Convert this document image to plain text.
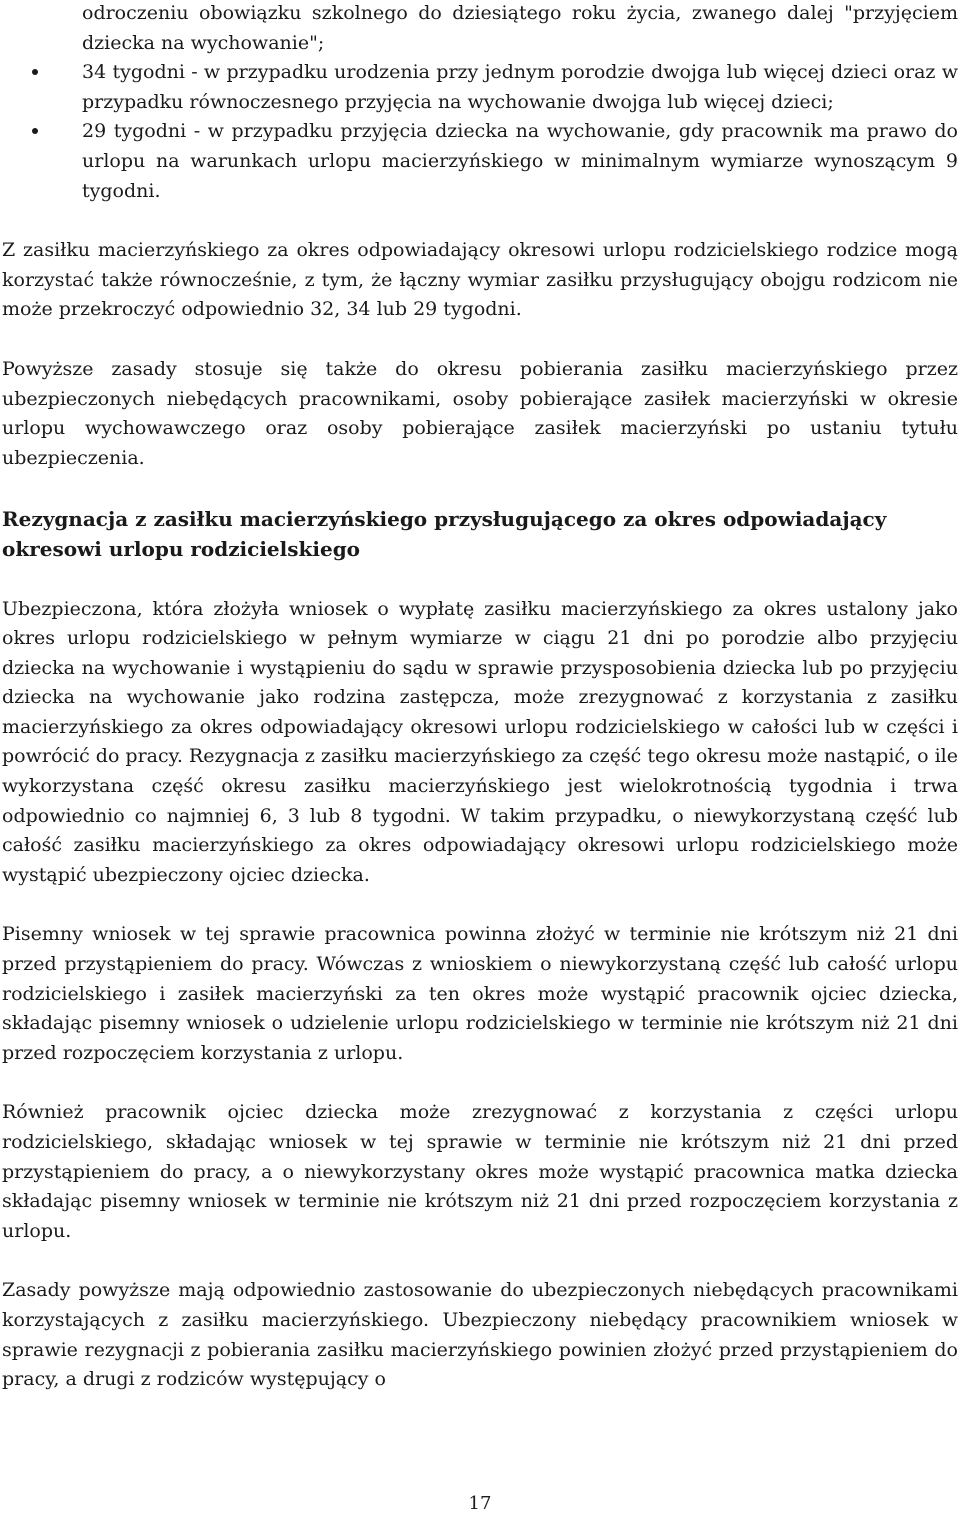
odroczeniu obowiązku szkolnego do dziesiątego roku życia, zwanego dalej "przyjęciem dziecka na wychowanie";

34 tygodni - w przypadku urodzenia przy jednym porodzie dwojga lub więcej dzieci oraz w przypadku równoczesnego przyjęcia na wychowanie dwojga lub więcej dzieci;
29 tygodni - w przypadku przyjęcia dziecka na wychowanie, gdy pracownik ma prawo do urlopu na warunkach urlopu macierzyńskiego w minimalnym wymiarze wynoszącym 9 tygodni.

Z zasiłku macierzyńskiego za okres odpowiadający okresowi urlopu rodzicielskiego rodzice mogą korzystać także równocześnie, z tym, że łączny wymiar zasiłku przysługujący obojgu rodzicom nie może przekroczyć odpowiednio 32, 34 lub 29 tygodni.

Powyższe zasady stosuje się także do okresu pobierania zasiłku macierzyńskiego przez ubezpieczonych niebędących pracownikami, osoby pobierające zasiłek macierzyński w okresie urlopu wychowawczego oraz osoby pobierające zasiłek macierzyński po ustaniu tytułu ubezpieczenia.

Rezygnacja z zasiłku macierzyńskiego przysługującego za okres odpowiadający okresowi urlopu rodzicielskiego

Ubezpieczona, która złożyła wniosek o wypłatę zasiłku macierzyńskiego za okres ustalony jako okres urlopu rodzicielskiego w pełnym wymiarze w ciągu 21 dni po porodzie albo przyjęciu dziecka na wychowanie i wystąpieniu do sądu w sprawie przysposobienia dziecka lub po przyjęciu dziecka na wychowanie jako rodzina zastępcza, może zrezygnować z korzystania z zasiłku macierzyńskiego za okres odpowiadający okresowi urlopu rodzicielskiego w całości lub w części i powrócić do pracy. Rezygnacja z zasiłku macierzyńskiego za część tego okresu może nastąpić, o ile wykorzystana część okresu zasiłku macierzyńskiego jest wielokrotnością tygodnia i trwa odpowiednio co najmniej 6, 3 lub 8 tygodni. W takim przypadku, o niewykorzystaną część lub całość zasiłku macierzyńskiego za okres odpowiadający okresowi urlopu rodzicielskiego może wystąpić ubezpieczony ojciec dziecka.

Pisemny wniosek w tej sprawie pracownica powinna złożyć w terminie nie krótszym niż 21 dni przed przystąpieniem do pracy. Wówczas z wnioskiem o niewykorzystaną część lub całość urlopu rodzicielskiego i zasiłek macierzyński za ten okres może wystąpić pracownik ojciec dziecka, składając pisemny wniosek o udzielenie urlopu rodzicielskiego w terminie nie krótszym niż 21 dni przed rozpoczęciem korzystania z urlopu.

Również pracownik ojciec dziecka może zrezygnować z korzystania z części urlopu rodzicielskiego, składając wniosek w tej sprawie w terminie nie krótszym niż 21 dni przed przystąpieniem do pracy, a o niewykorzystany okres może wystąpić pracownica matka dziecka składając pisemny wniosek w terminie nie krótszym niż 21 dni przed rozpoczęciem korzystania z urlopu.

Zasady powyższe mają odpowiednio zastosowanie do ubezpieczonych niebędących pracownikami korzystających z zasiłku macierzyńskiego. Ubezpieczony niebędący pracownikiem wniosek w sprawie rezygnacji z pobierania zasiłku macierzyńskiego powinien złożyć przed przystąpieniem do pracy, a drugi z rodziców występujący o

17
